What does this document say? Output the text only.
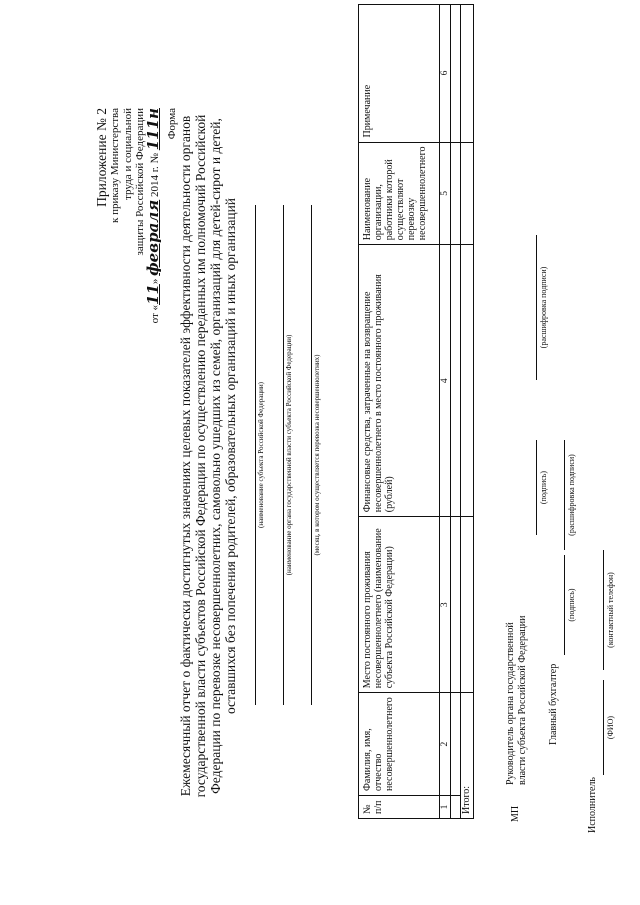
Приложение № 2 к приказу Министерства труда и социальной защиты Российской Федерации
от «11» февраля 2014 г. № 111н Форма Ежемесячный отчет о фактически достигнутых значениях целевых показателей эффективности деятельности органов государственной власти субъектов Российской Федерации по осуществлению переданных им полномочий Российской Федерации по перевозке несовершеннолетних, самовольно ушедших из семей, организаций для детей-сирот и детей, оставшихся без попечения родителей, образовательных организаций и иных организаций	(наименование субъекта Российской Федерации)	(наименование органа государственной власти субъекта Российской Федерации)	(месяц, в котором осуществляется перевозка несовершеннолетних)
№ п/п	Фамилия, имя, отчество несовершеннолетнего	Место постоянного проживания несовершеннолетнего (наименование субъекта Российской Федерации)	Финансовые средства, затраченные на возвращение несовершеннолетнего в место постоянного проживания (рублей)	Наименование организации, работники которой осуществляют перевозку несовершеннолетнего	Примечание
1	2	3	4	5	6

Итого:						МП
Руководитель органа государственной власти субъекта Российской Федерации
(подпись)
(расшифровка подписи)
Главный бухгалтер
(подпись)
(расшифровка подписи)
Исполнитель
(ФИО)
(контактный телефон)
